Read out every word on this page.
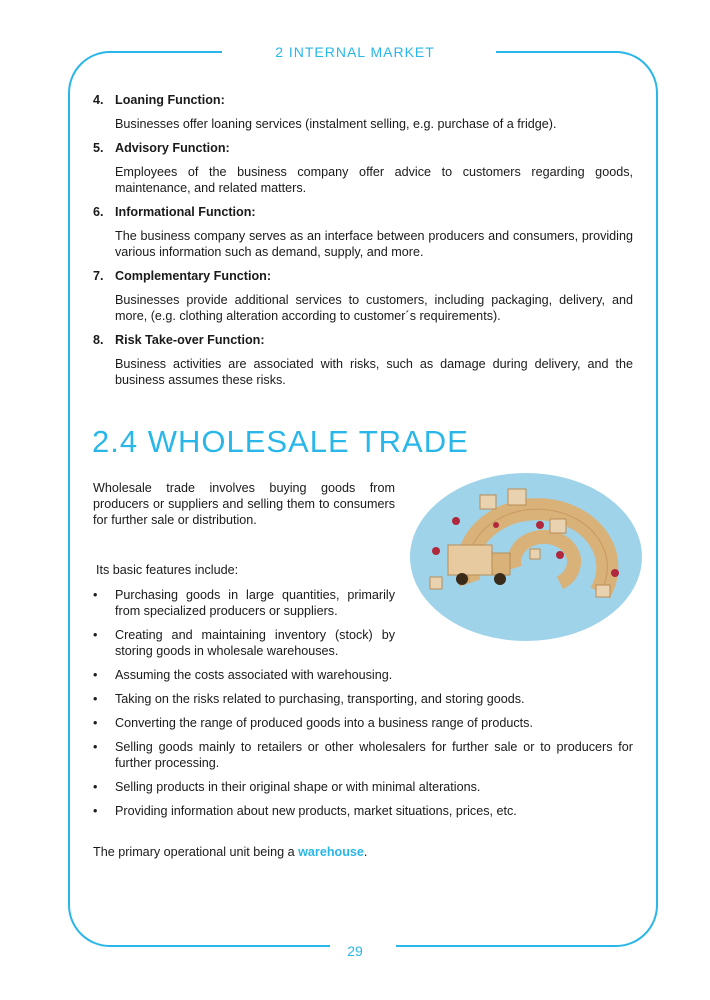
2 INTERNAL MARKET
4. Loaning Function:
Businesses offer loaning services (instalment selling, e.g. purchase of a fridge).
5. Advisory Function:
Employees of the business company offer advice to customers regarding goods, maintenance, and related matters.
6. Informational Function:
The business company serves as an interface between producers and consumers, providing various information such as demand, supply, and more.
7. Complementary Function:
Businesses provide additional services to customers, including packaging, delivery, and more, (e.g. clothing alteration according to customer´s requirements).
8. Risk Take-over Function:
Business activities are associated with risks, such as damage during delivery, and the business assumes these risks.
2.4 WHOLESALE TRADE
Wholesale trade involves buying goods from producers or suppliers and selling them to consumers for further sale or distribution.
Its basic features include:
• Purchasing goods in large quantities, primarily from specialized producers or suppliers.
• Creating and maintaining inventory (stock) by storing goods in wholesale warehouses.
• Assuming the costs associated with warehousing.
• Taking on the risks related to purchasing, transporting, and storing goods.
• Converting the range of produced goods into a business range of products.
• Selling goods mainly to retailers or other wholesalers for further sale or to producers for further processing.
• Selling products in their original shape or with minimal alterations.
• Providing information about new products, market situations, prices, etc.
The primary operational unit being a warehouse.
29
